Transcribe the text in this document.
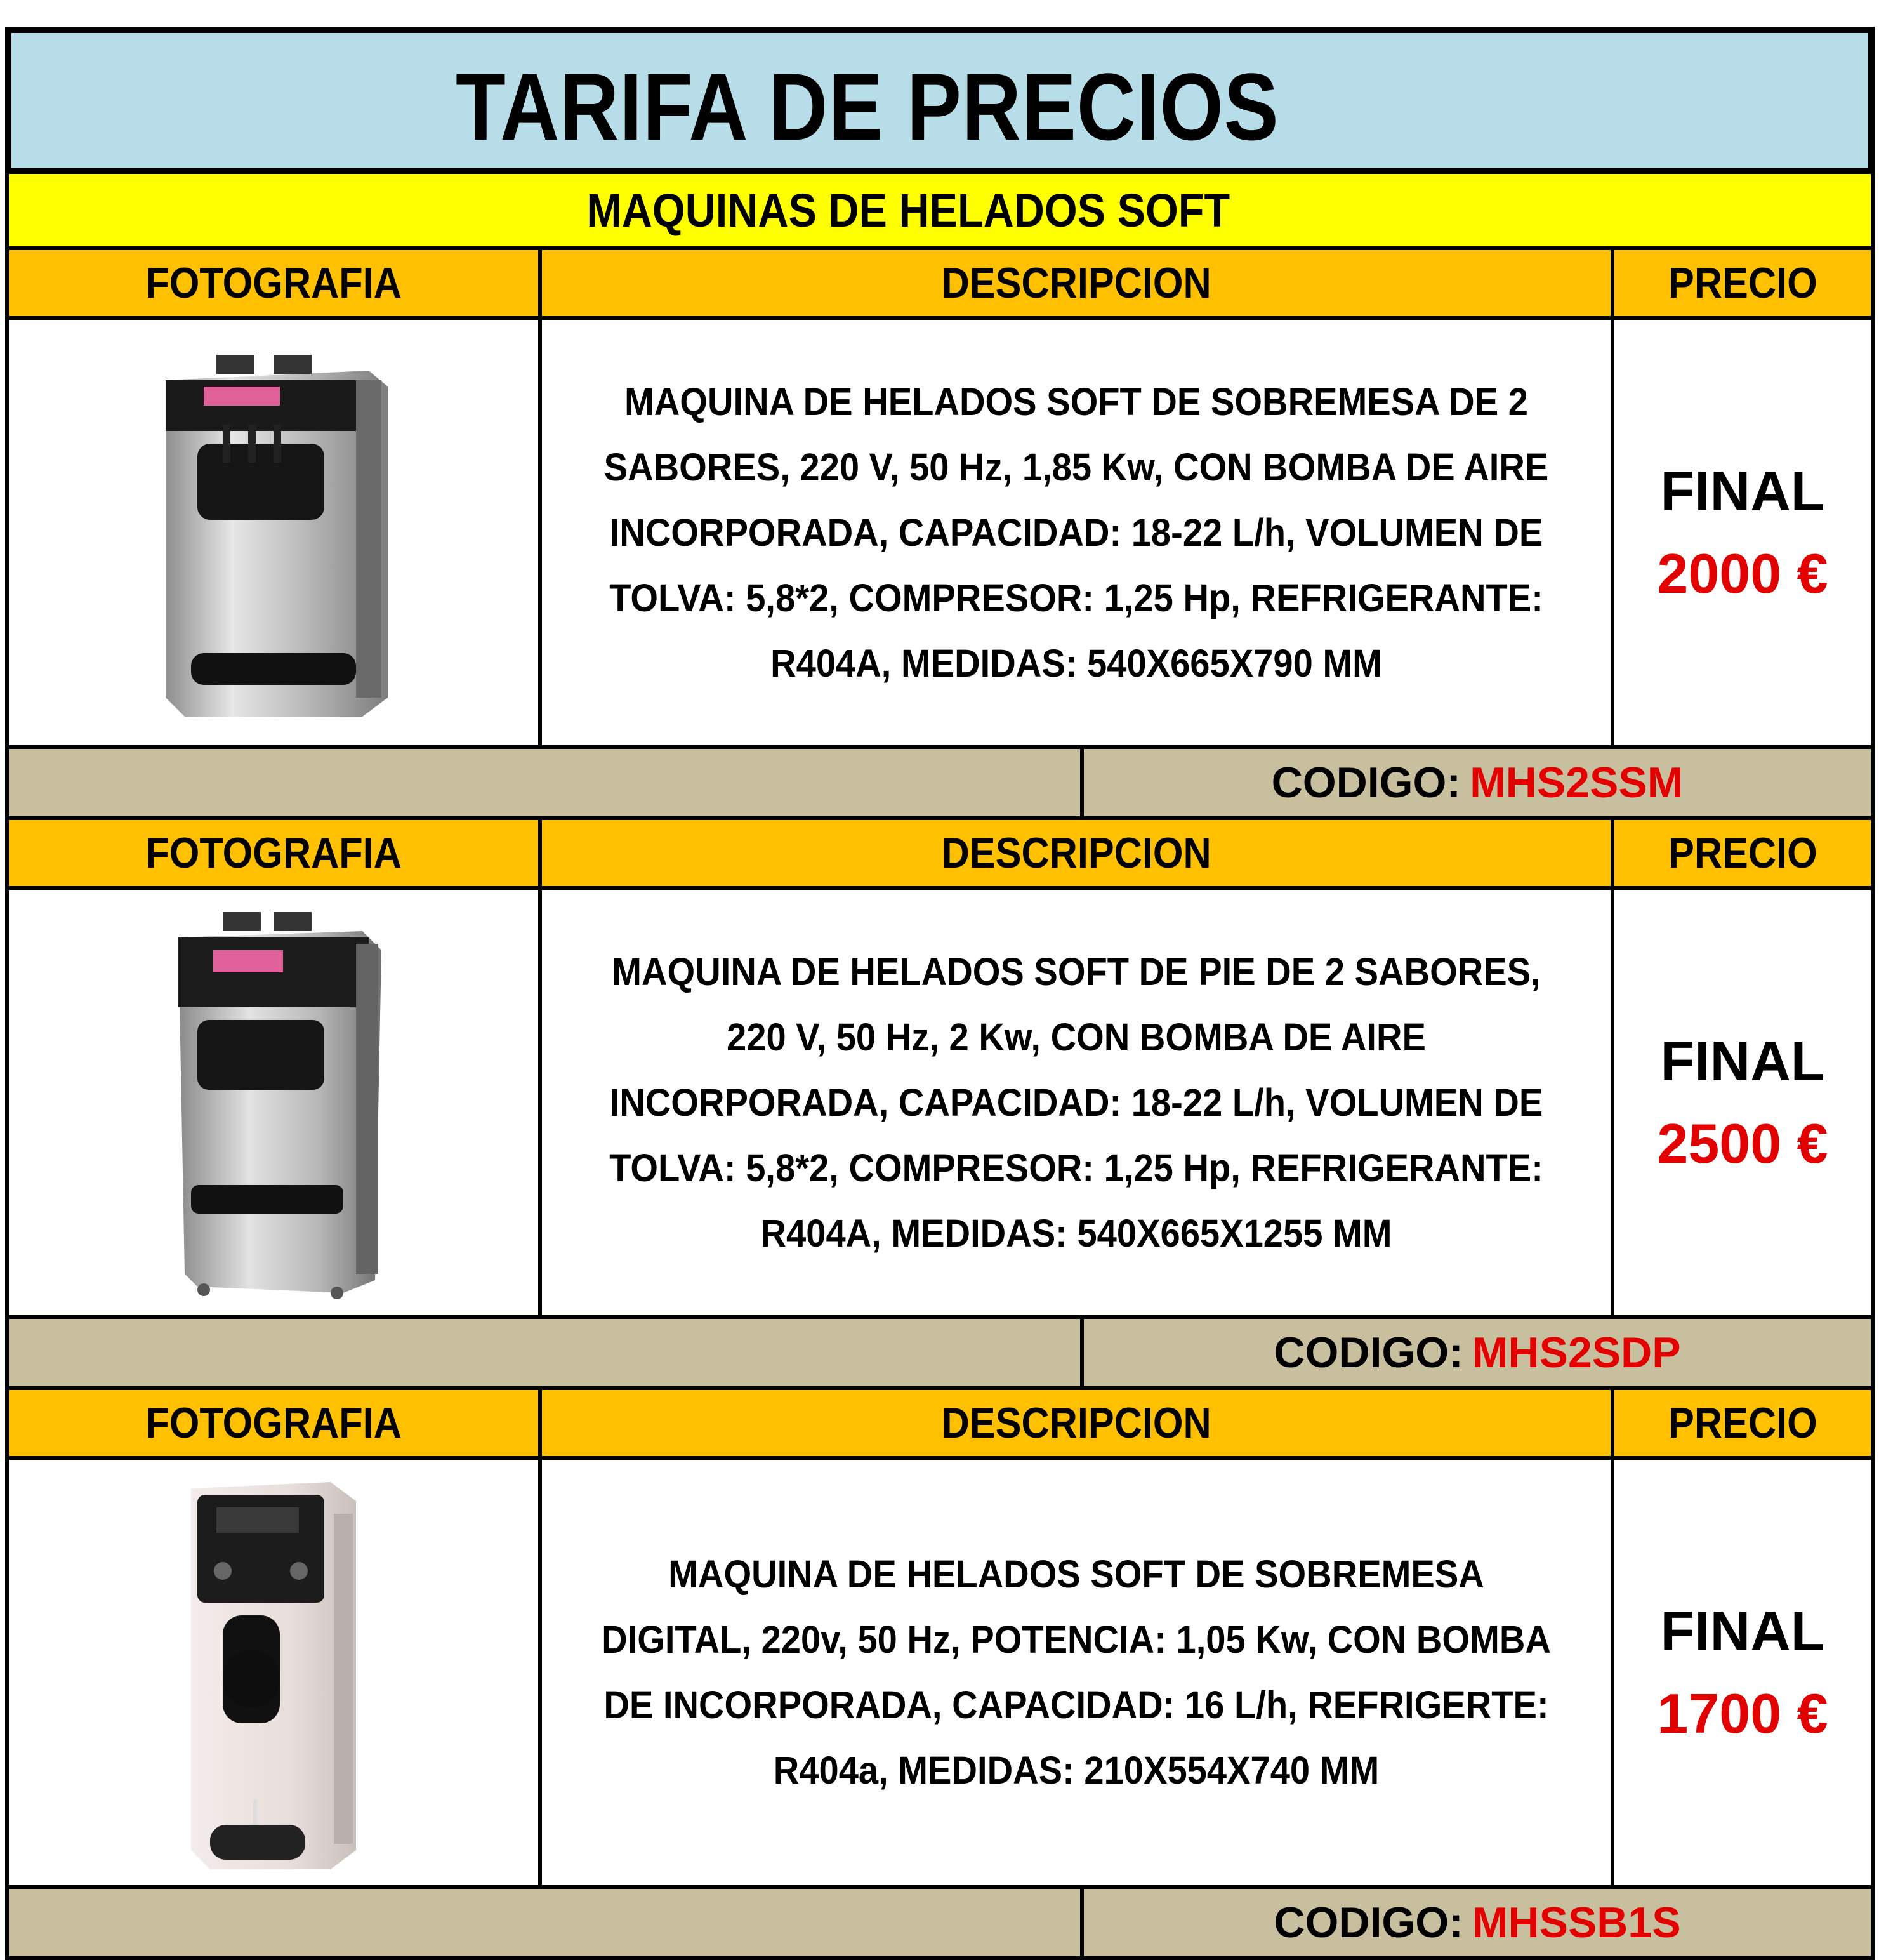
TARIFA DE PRECIOS
MAQUINAS DE HELADOS SOFT
FOTOGRAFIA	DESCRIPCION	PRECIO
MAQUINA DE HELADOS SOFT DE SOBREMESA DE 2 SABORES, 220 V, 50 Hz, 1,85 Kw, CON BOMBA DE AIRE INCORPORADA, CAPACIDAD: 18-22 L/h, VOLUMEN DE TOLVA: 5,8*2, COMPRESOR: 1,25 Hp, REFRIGERANTE: R404A, MEDIDAS: 540X665X790 MM
FINAL
2000 €
CODIGO: MHS2SSM
FOTOGRAFIA	DESCRIPCION	PRECIO
MAQUINA DE HELADOS SOFT DE PIE DE 2 SABORES, 220 V, 50 Hz, 2 Kw, CON BOMBA DE AIRE INCORPORADA, CAPACIDAD: 18-22 L/h, VOLUMEN DE TOLVA: 5,8*2, COMPRESOR: 1,25 Hp, REFRIGERANTE: R404A, MEDIDAS: 540X665X1255 MM
FINAL
2500 €
CODIGO: MHS2SDP
FOTOGRAFIA	DESCRIPCION	PRECIO
MAQUINA DE HELADOS SOFT DE SOBREMESA DIGITAL, 220v, 50 Hz, POTENCIA: 1,05 Kw, CON BOMBA DE INCORPORADA, CAPACIDAD: 16 L/h, REFRIGERTE: R404a, MEDIDAS: 210X554X740 MM
FINAL
1700 €
CODIGO: MHSSB1S
